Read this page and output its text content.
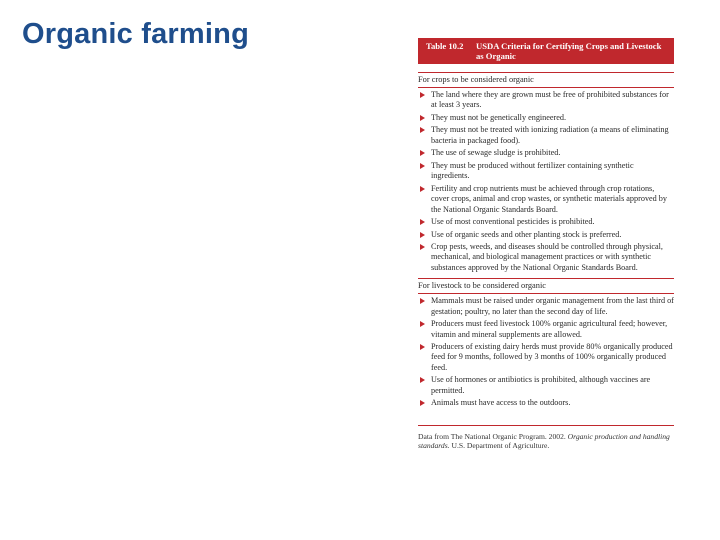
Organic farming	Table 10.2	USDA Criteria for Certifying Crops and Livestock as Organic
For crops to be considered organic
The land where they are grown must be free of prohibited substances for at least 3 years.
They must not be genetically engineered.
They must not be treated with ionizing radiation (a means of eliminating bacteria in packaged food).
The use of sewage sludge is prohibited.
They must be produced without fertilizer containing synthetic ingredients.
Fertility and crop nutrients must be achieved through crop rotations, cover crops, animal and crop wastes, or synthetic materials approved by the National Organic Standards Board.
Use of most conventional pesticides is prohibited.
Use of organic seeds and other planting stock is preferred.
Crop pests, weeds, and diseases should be controlled through physical, mechanical, and biological management practices or with synthetic substances approved by the National Organic Standards Board.
For livestock to be considered organic
Mammals must be raised under organic management from the last third of gestation; poultry, no later than the second day of life.
Producers must feed livestock 100% organic agricultural feed; however, vitamin and mineral supplements are allowed.
Producers of existing dairy herds must provide 80% organically produced feed for 9 months, followed by 3 months of 100% organically produced feed.
Use of hormones or antibiotics is prohibited, although vaccines are permitted.
Animals must have access to the outdoors.
Data from The National Organic Program. 2002. Organic production and handling standards. U.S. Department of Agriculture.
